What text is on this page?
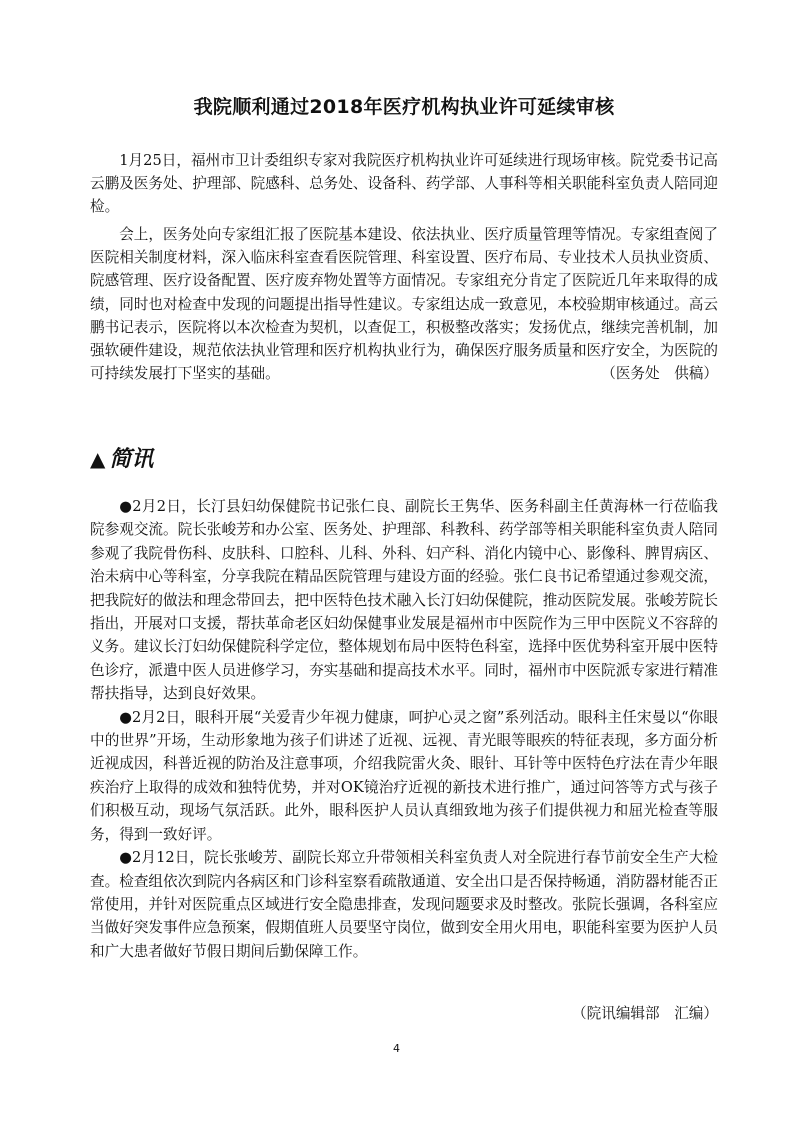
我院顺利通过2018年医疗机构执业许可延续审核

1月25日，福州市卫计委组织专家对我院医疗机构执业许可延续进行现场审核。院党委书记高云鹏及医务处、护理部、院感科、总务处、设备科、药学部、人事科等相关职能科室负责人陪同迎检。

会上，医务处向专家组汇报了医院基本建设、依法执业、医疗质量管理等情况。专家组查阅了医院相关制度材料，深入临床科室查看医院管理、科室设置、医疗布局、专业技术人员执业资质、院感管理、医疗设备配置、医疗废弃物处置等方面情况。专家组充分肯定了医院近几年来取得的成绩，同时也对检查中发现的问题提出指导性建议。专家组达成一致意见，本校验期审核通过。高云鹏书记表示，医院将以本次检查为契机，以查促工，积极整改落实；发扬优点，继续完善机制，加强软硬件建设，规范依法执业管理和医疗机构执业行为，确保医疗服务质量和医疗安全，为医院的可持续发展打下坚实的基础。	（医务处　供稿）

▲ 简讯

●2月2日，长汀县妇幼保健院书记张仁良、副院长王隽华、医务科副主任黄海林一行莅临我院参观交流。院长张峻芳和办公室、医务处、护理部、科教科、药学部等相关职能科室负责人陪同参观了我院骨伤科、皮肤科、口腔科、儿科、外科、妇产科、消化内镜中心、影像科、脾胃病区、治未病中心等科室，分享我院在精品医院管理与建设方面的经验。张仁良书记希望通过参观交流，把我院好的做法和理念带回去，把中医特色技术融入长汀妇幼保健院，推动医院发展。张峻芳院长指出，开展对口支援，帮扶革命老区妇幼保健事业发展是福州市中医院作为三甲中医院义不容辞的义务。建议长汀妇幼保健院科学定位，整体规划布局中医特色科室，选择中医优势科室开展中医特色诊疗，派遣中医人员进修学习，夯实基础和提高技术水平。同时，福州市中医院派专家进行精准帮扶指导，达到良好效果。

●2月2日，眼科开展“关爱青少年视力健康，呵护心灵之窗”系列活动。眼科主任宋曼以“你眼中的世界”开场，生动形象地为孩子们讲述了近视、远视、青光眼等眼疾的特征表现，多方面分析近视成因，科普近视的防治及注意事项，介绍我院雷火灸、眼针、耳针等中医特色疗法在青少年眼疾治疗上取得的成效和独特优势，并对OK镜治疗近视的新技术进行推广，通过问答等方式与孩子们积极互动，现场气氛活跃。此外，眼科医护人员认真细致地为孩子们提供视力和屈光检查等服务，得到一致好评。

●2月12日，院长张峻芳、副院长郑立升带领相关科室负责人对全院进行春节前安全生产大检查。检查组依次到院内各病区和门诊科室察看疏散通道、安全出口是否保持畅通，消防器材能否正常使用，并针对医院重点区域进行安全隐患排查，发现问题要求及时整改。张院长强调，各科室应当做好突发事件应急预案，假期值班人员要坚守岗位，做到安全用火用电，职能科室要为医护人员和广大患者做好节假日期间后勤保障工作。

（院讯编辑部　汇编）
4
